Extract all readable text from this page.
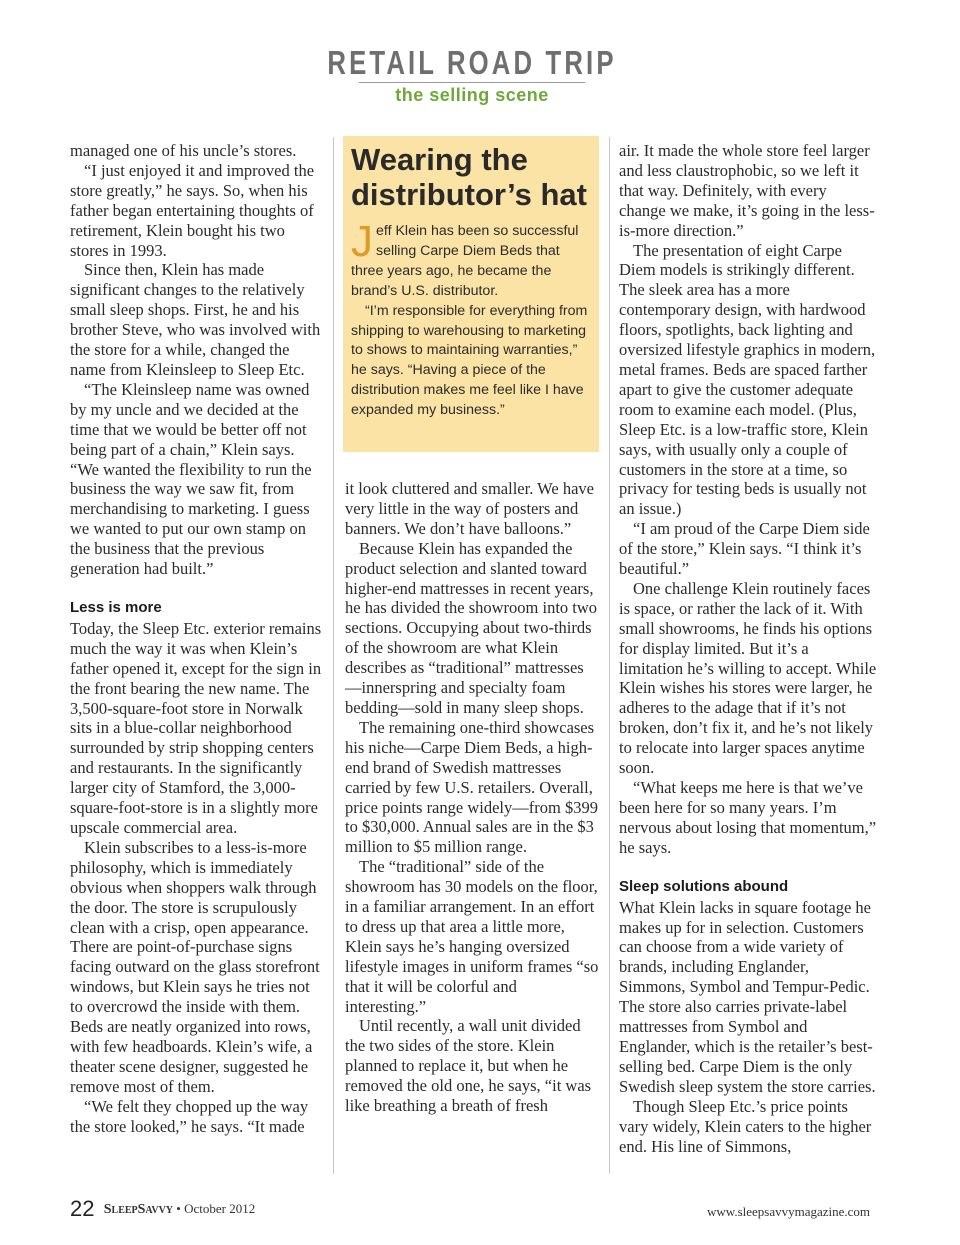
RETAIL ROAD TRIP
the selling scene

managed one of his uncle’s stores.

“I just enjoyed it and improved the store greatly,” he says. So, when his father began entertaining thoughts of retirement, Klein bought his two stores in 1993.

Since then, Klein has made significant changes to the relatively small sleep shops. First, he and his brother Steve, who was involved with the store for a while, changed the name from Kleinsleep to Sleep Etc.

“The Kleinsleep name was owned by my uncle and we decided at the time that we would be better off not being part of a chain,” Klein says. “We wanted the flexibility to run the business the way we saw fit, from merchandising to marketing. I guess we wanted to put our own stamp on the business that the previous generation had built.”

Less is more

Today, the Sleep Etc. exterior remains much the way it was when Klein’s father opened it, except for the sign in the front bearing the new name. The 3,500-square-foot store in Norwalk sits in a blue-collar neighborhood surrounded by strip shopping centers and restaurants. In the significantly larger city of Stamford, the 3,000-square-foot-store is in a slightly more upscale commercial area.

Klein subscribes to a less-is-more philosophy, which is immediately obvious when shoppers walk through the door. The store is scrupulously clean with a crisp, open appearance. There are point-of-purchase signs facing outward on the glass storefront windows, but Klein says he tries not to overcrowd the inside with them. Beds are neatly organized into rows, with few headboards. Klein’s wife, a theater scene designer, suggested he remove most of them.

“We felt they chopped up the way the store looked,” he says. “It made

Wearing the distributor’s hat

Jeff Klein has been so successful selling Carpe Diem Beds that three years ago, he became the brand’s U.S. distributor.

“I’m responsible for everything from shipping to warehousing to marketing to shows to maintaining warranties,” he says. “Having a piece of the distribution makes me feel like I have expanded my business.”

it look cluttered and smaller. We have very little in the way of posters and banners. We don’t have balloons.”

Because Klein has expanded the product selection and slanted toward higher-end mattresses in recent years, he has divided the showroom into two sections. Occupying about two-thirds of the showroom are what Klein describes as “traditional” mattresses—innerspring and specialty foam bedding—sold in many sleep shops.

The remaining one-third showcases his niche—Carpe Diem Beds, a high-end brand of Swedish mattresses carried by few U.S. retailers. Overall, price points range widely—from $399 to $30,000. Annual sales are in the $3 million to $5 million range.

The “traditional” side of the showroom has 30 models on the floor, in a familiar arrangement. In an effort to dress up that area a little more, Klein says he’s hanging oversized lifestyle images in uniform frames “so that it will be colorful and interesting.”

Until recently, a wall unit divided the two sides of the store. Klein planned to replace it, but when he removed the old one, he says, “it was like breathing a breath of fresh

air. It made the whole store feel larger and less claustrophobic, so we left it that way. Definitely, with every change we make, it’s going in the less-is-more direction.”

The presentation of eight Carpe Diem models is strikingly different. The sleek area has a more contemporary design, with hardwood floors, spotlights, back lighting and oversized lifestyle graphics in modern, metal frames. Beds are spaced farther apart to give the customer adequate room to examine each model. (Plus, Sleep Etc. is a low-traffic store, Klein says, with usually only a couple of customers in the store at a time, so privacy for testing beds is usually not an issue.)

“I am proud of the Carpe Diem side of the store,” Klein says. “I think it’s beautiful.”

One challenge Klein routinely faces is space, or rather the lack of it. With small showrooms, he finds his options for display limited. But it’s a limitation he’s willing to accept. While Klein wishes his stores were larger, he adheres to the adage that if it’s not broken, don’t fix it, and he’s not likely to relocate into larger spaces anytime soon.

“What keeps me here is that we’ve been here for so many years. I’m nervous about losing that momentum,” he says.

Sleep solutions abound

What Klein lacks in square footage he makes up for in selection. Customers can choose from a wide variety of brands, including Englander, Simmons, Symbol and Tempur-Pedic. The store also carries private-label mattresses from Symbol and Englander, which is the retailer’s best-selling bed. Carpe Diem is the only Swedish sleep system the store carries.

Though Sleep Etc.’s price points vary widely, Klein caters to the higher end. His line of Simmons,

22 SleepSavvy • October 2012	www.sleepsavvymagazine.com
